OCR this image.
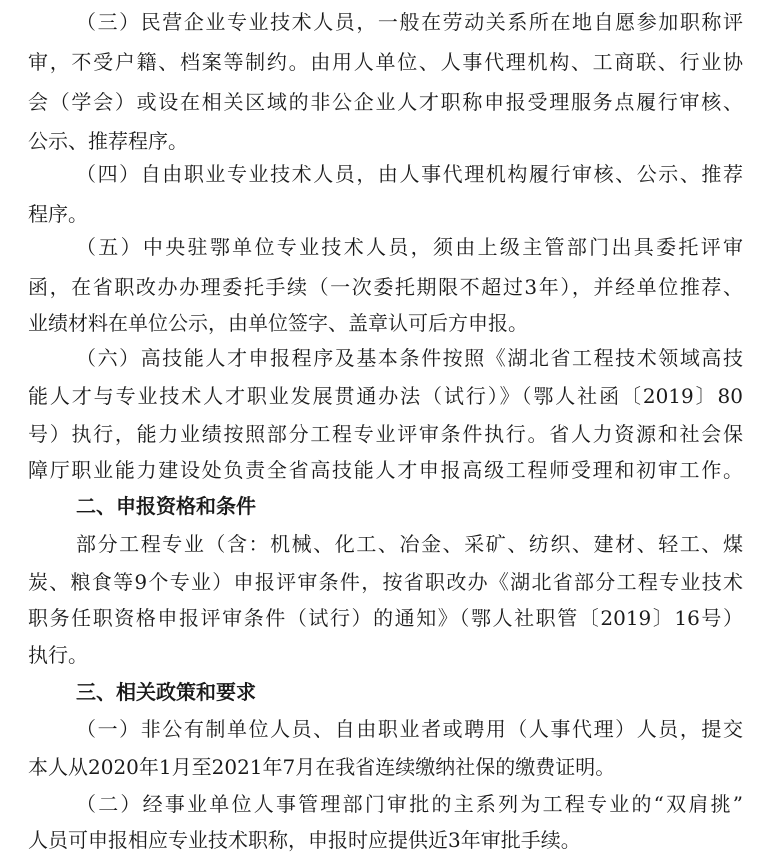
（三）民营企业专业技术人员，一般在劳动关系所在地自愿参加职称评
审，不受户籍、档案等制约。由用人单位、人事代理机构、工商联、行业协
会（学会）或设在相关区域的非公企业人才职称申报受理服务点履行审核、
公示、推荐程序。
（四）自由职业专业技术人员，由人事代理机构履行审核、公示、推荐
程序。
（五）中央驻鄂单位专业技术人员，须由上级主管部门出具委托评审
函，在省职改办办理委托手续（一次委托期限不超过3年），并经单位推荐、
业绩材料在单位公示，由单位签字、盖章认可后方申报。
（六）高技能人才申报程序及基本条件按照《湖北省工程技术领域高技
能人才与专业技术人才职业发展贯通办法（试行）》（鄂人社函〔2019〕80
号）执行，能力业绩按照部分工程专业评审条件执行。省人力资源和社会保
障厅职业能力建设处负责全省高技能人才申报高级工程师受理和初审工作。
二、申报资格和条件
部分工程专业（含：机械、化工、冶金、采矿、纺织、建材、轻工、煤
炭、粮食等9个专业）申报评审条件，按省职改办《湖北省部分工程专业技术
职务任职资格申报评审条件（试行）的通知》（鄂人社职管〔2019〕16号）
执行。
三、相关政策和要求
（一）非公有制单位人员、自由职业者或聘用（人事代理）人员，提交
本人从2020年1月至2021年7月在我省连续缴纳社保的缴费证明。
（二）经事业单位人事管理部门审批的主系列为工程专业的“双肩挑”
人员可申报相应专业技术职称，申报时应提供近3年审批手续。
